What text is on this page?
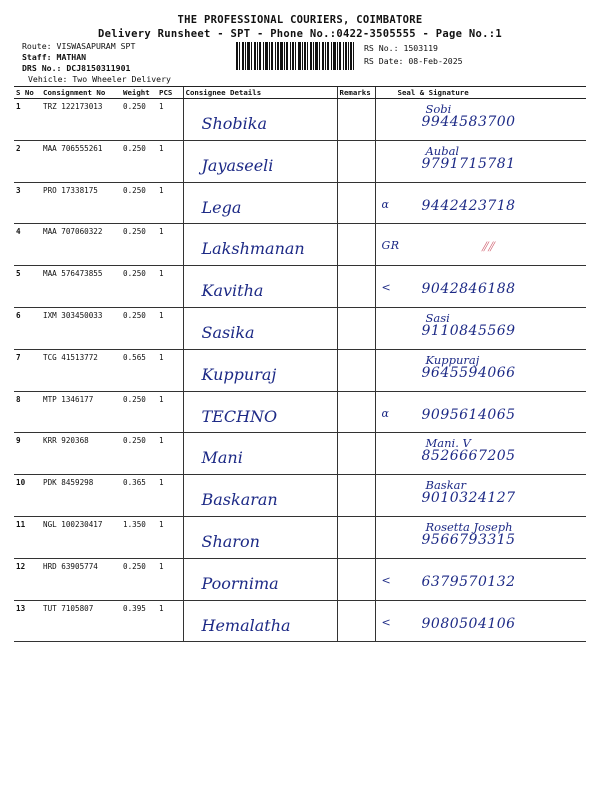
THE PROFESSIONAL COURIERS, COIMBATORE
Delivery Runsheet - SPT - Phone No.:0422-3505555 - Page No.:1
Route: VISWASAPURAM SPT
Staff: MATHAN
DRS No.: DCJ8150311901
Vehicle: Two Wheeler Delivery
RS No.: 1503119
RS Date: 08-Feb-2025
S No	Consignment No	Weight	PCS	Consignee Details	Remarks	Seal & Signature
1	TRZ 122173013	0.250	1	Shobika		Sobi
9944583700

2	MAA 706555261	0.250	1	Jayaseeli		Aubal
9791715781

3	PRO 17338175	0.250	1	Lega		α 9442423718

4	MAA 707060322	0.250	1	Lakshmanan		GR ⫽⫽

5	MAA 576473855	0.250	1	Kavitha		< 9042846188

6	IXM 303450033	0.250	1	Sasika		Sasi
9110845569

7	TCG 41513772	0.565	1	Kuppuraj		Kuppuraj
9645594066

8	MTP 1346177	0.250	1	TECHNO		α 9095614065

9	KRR 920368	0.250	1	Mani		Mani. V
8526667205

10	PDK 8459298	0.365	1	Baskaran		Baskar
9010324127

11	NGL 100230417	1.350	1	Sharon		Rosetta Joseph
9566793315

12	HRD 63905774	0.250	1	Poornima		< 6379570132

13	TUT 7105807	0.395	1	Hemalatha		< 9080504106
